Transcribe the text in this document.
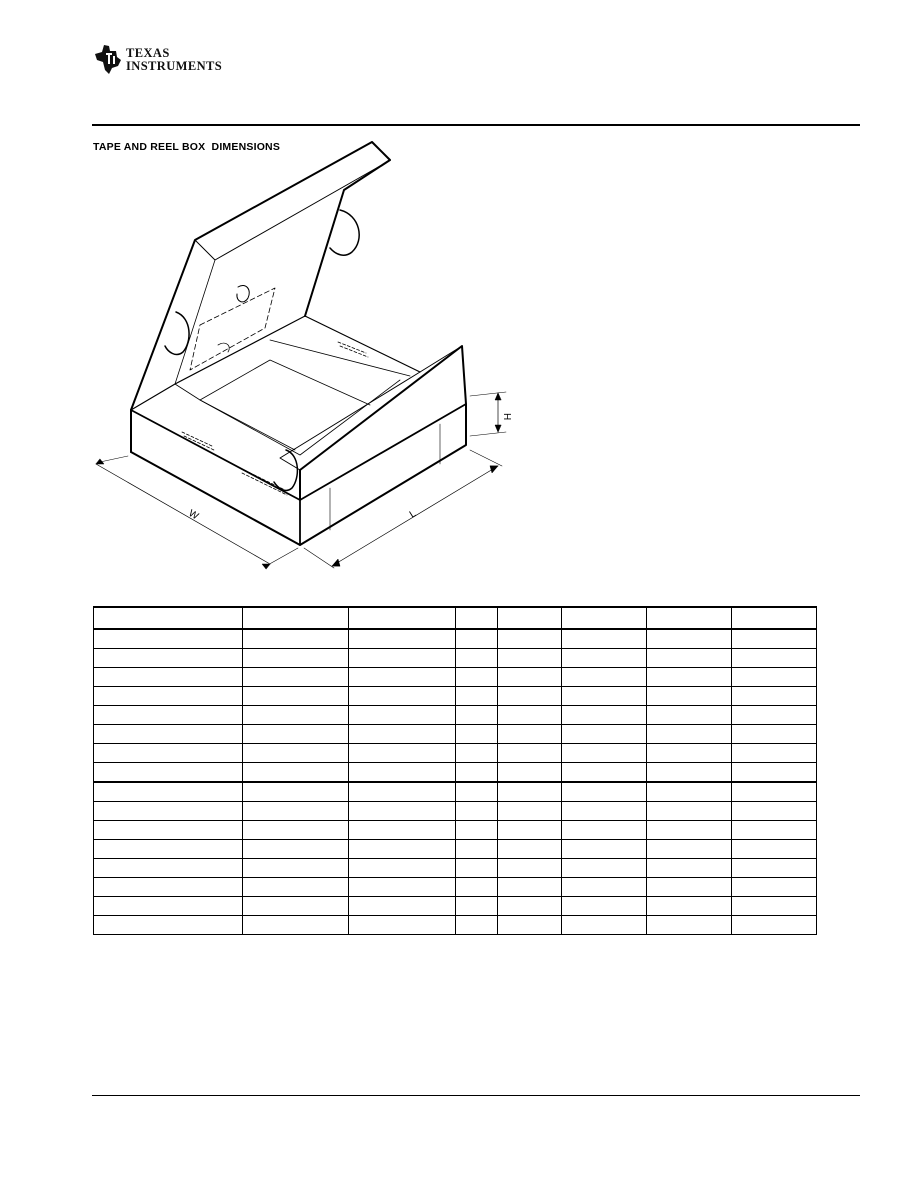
TEXAS
INSTRUMENTS
TAPE AND REEL BOX  DIMENSIONS
W	L
H
